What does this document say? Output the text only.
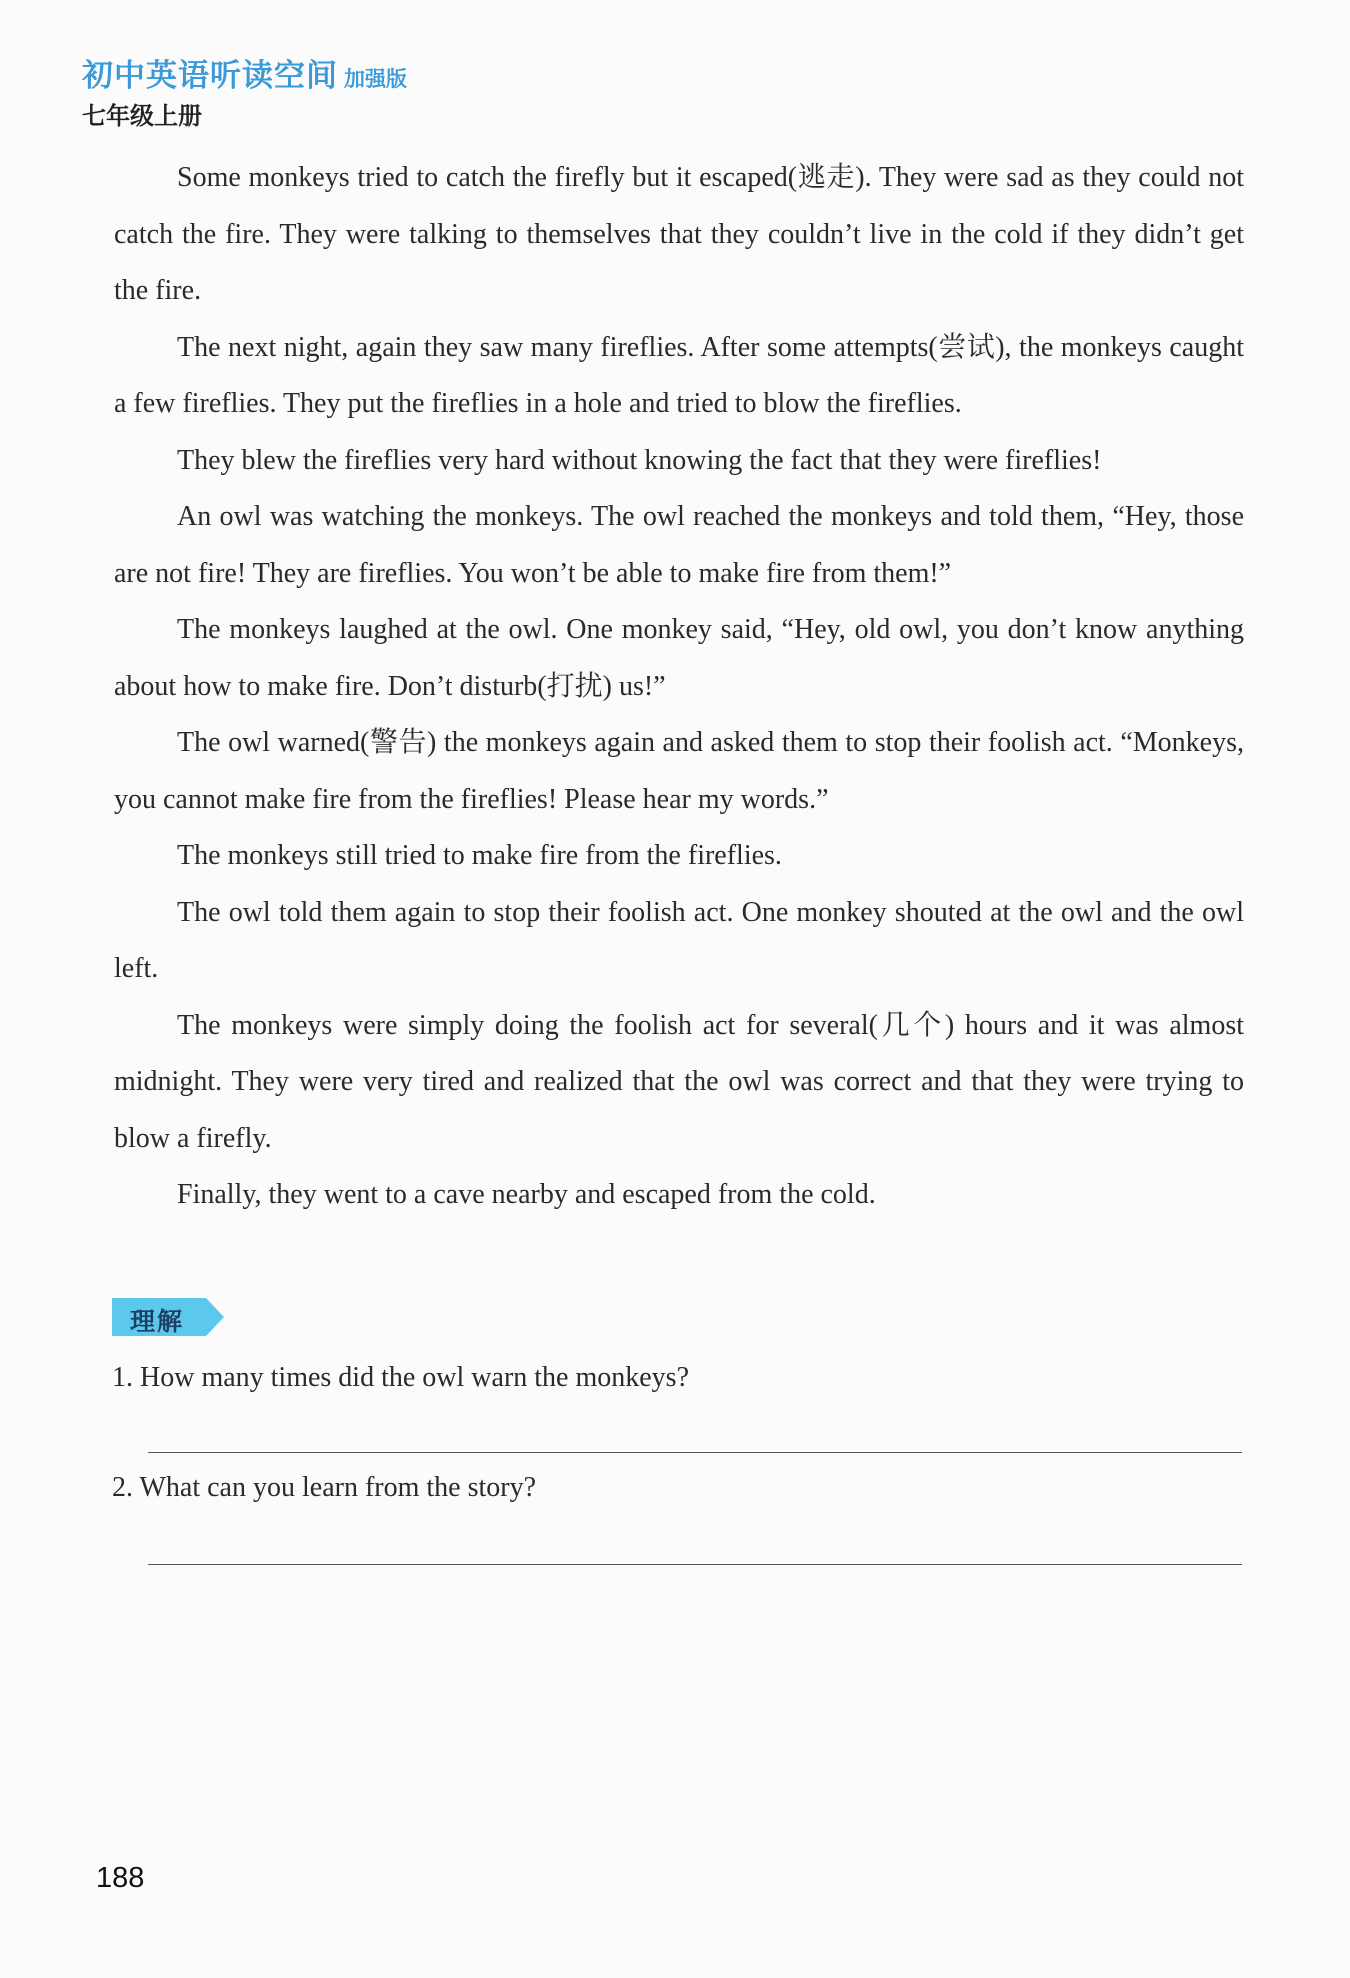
初中英语听读空间 加强版
七年级上册

Some monkeys tried to catch the firefly but it escaped(逃走). They were sad as they could not catch the fire. They were talking to themselves that they couldn’t live in the cold if they didn’t get the fire.

The next night, again they saw many fireflies. After some attempts(尝试), the monkeys caught a few fireflies. They put the fireflies in a hole and tried to blow the fireflies.

They blew the fireflies very hard without knowing the fact that they were fireflies!

An owl was watching the monkeys. The owl reached the monkeys and told them, “Hey, those are not fire! They are fireflies. You won’t be able to make fire from them!”

The monkeys laughed at the owl. One monkey said, “Hey, old owl, you don’t know anything about how to make fire. Don’t disturb(打扰) us!”

The owl warned(警告) the monkeys again and asked them to stop their foolish act. “Monkeys, you cannot make fire from the fireflies! Please hear my words.”

The monkeys still tried to make fire from the fireflies.

The owl told them again to stop their foolish act. One monkey shouted at the owl and the owl left.

The monkeys were simply doing the foolish act for several(几个) hours and it was almost midnight. They were very tired and realized that the owl was correct and that they were trying to blow a firefly.

Finally, they went to a cave nearby and escaped from the cold.

理解
1. How many times did the owl warn the monkeys?
2. What can you learn from the story?
188
